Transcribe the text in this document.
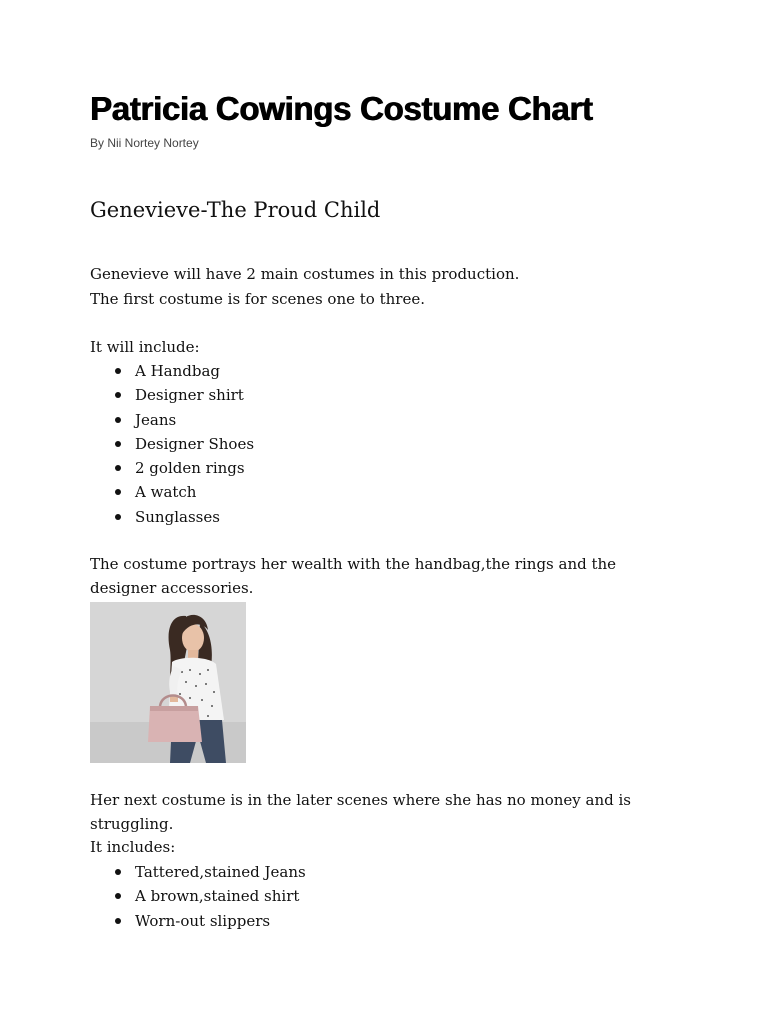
Patricia Cowings Costume Chart

By Nii Nortey Nortey

Genevieve-The Proud Child

Genevieve will have 2 main costumes in this production.

The first costume is for scenes one to three.

It will include:

A Handbag
Designer shirt
Jeans
Designer Shoes
2 golden rings
A watch
Sunglasses

The costume portrays her wealth with the handbag,the rings and the designer accessories.

Her next costume is in the later scenes where she has no money and is struggling.

It includes:

Tattered,stained Jeans
A brown,stained shirt
Worn-out slippers
